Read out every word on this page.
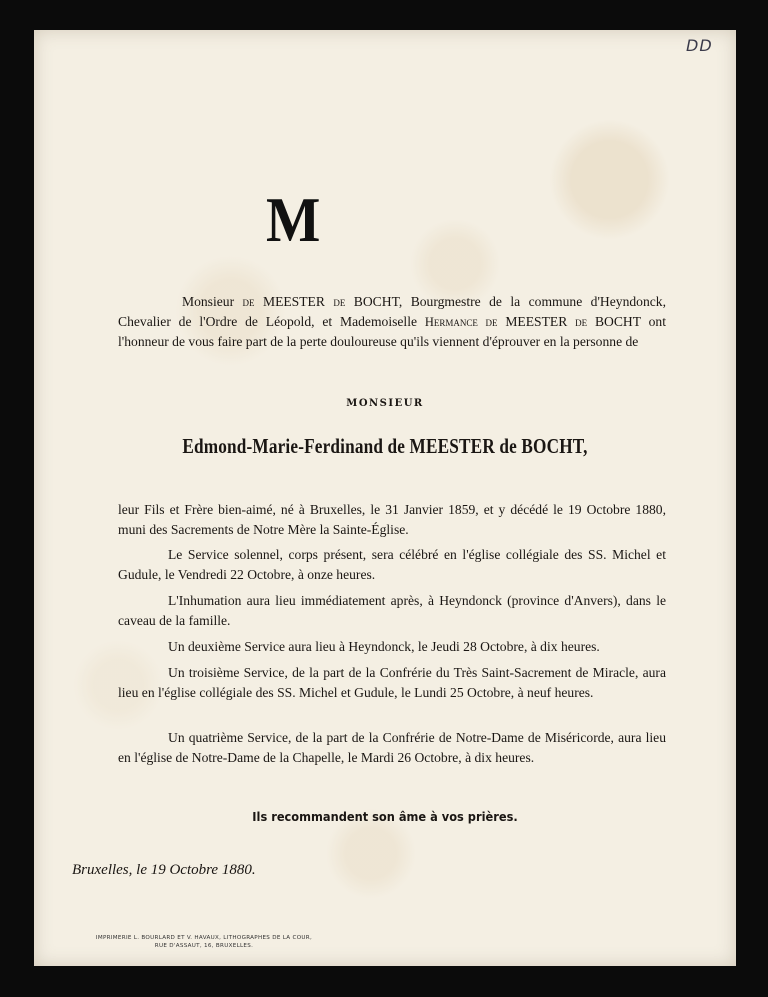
DD
M
Monsieur de MEESTER de BOCHT, Bourgmestre de la commune d'Heyndonck, Chevalier de l'Ordre de Léopold, et Mademoiselle Hermance de MEESTER de BOCHT ont l'honneur de vous faire part de la perte douloureuse qu'ils viennent d'éprouver en la personne de
MONSIEUR
Edmond-Marie-Ferdinand de MEESTER de BOCHT,
leur Fils et Frère bien-aimé, né à Bruxelles, le 31 Janvier 1859, et y décédé le 19 Octobre 1880, muni des Sacrements de Notre Mère la Sainte-Église.
Le Service solennel, corps présent, sera célébré en l'église collégiale des SS. Michel et Gudule, le Vendredi 22 Octobre, à onze heures.
L'Inhumation aura lieu immédiatement après, à Heyndonck (province d'Anvers), dans le caveau de la famille.
Un deuxième Service aura lieu à Heyndonck, le Jeudi 28 Octobre, à dix heures.
Un troisième Service, de la part de la Confrérie du Très Saint-Sacrement de Miracle, aura lieu en l'église collégiale des SS. Michel et Gudule, le Lundi 25 Octobre, à neuf heures.
Un quatrième Service, de la part de la Confrérie de Notre-Dame de Miséricorde, aura lieu en l'église de Notre-Dame de la Chapelle, le Mardi 26 Octobre, à dix heures.
Ils recommandent son âme à vos prières.
Bruxelles, le 19 Octobre 1880.
IMPRIMERIE L. BOURLARD ET V. HAVAUX, LITHOGRAPHES DE LA COUR,
RUE D'ASSAUT, 16, BRUXELLES.
